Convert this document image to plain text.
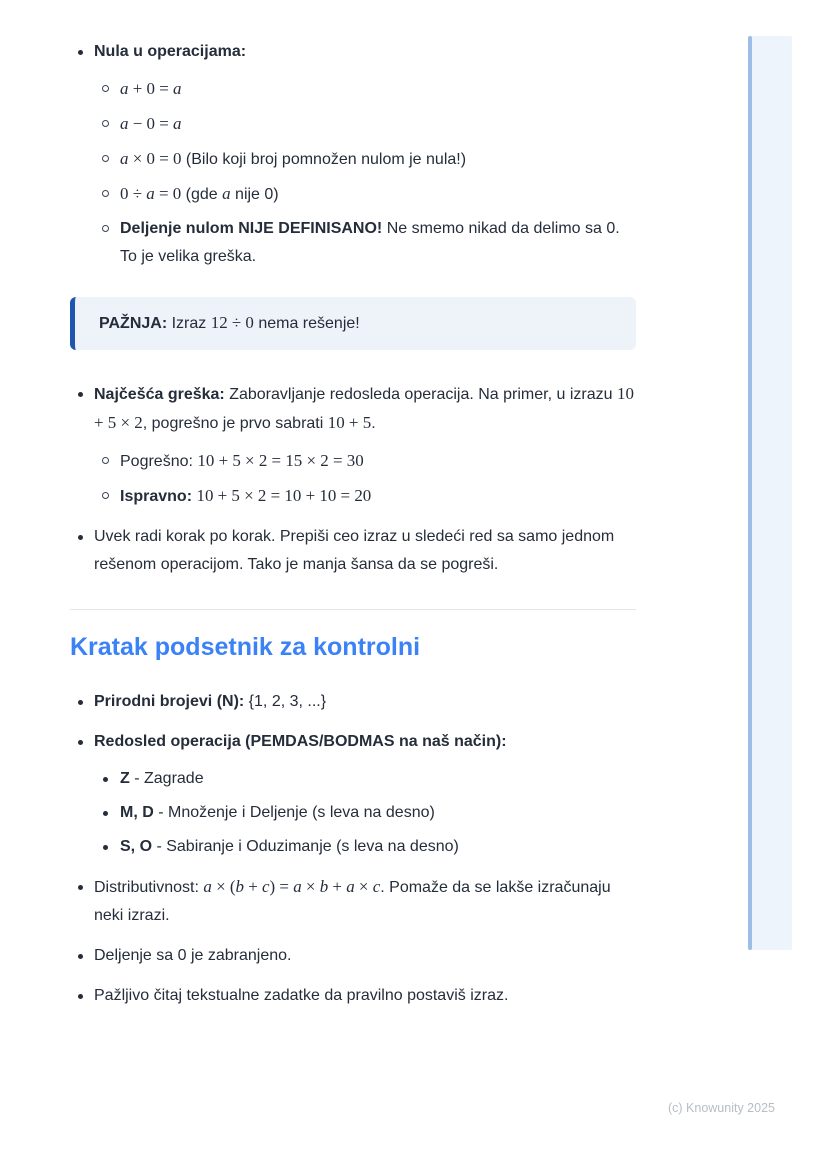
Nula u operacijama:
a + 0 = a
a − 0 = a
a × 0 = 0 (Bilo koji broj pomnožen nulom je nula!)
0 ÷ a = 0 (gde a nije 0)
Deljenje nulom NIJE DEFINISANO! Ne smemo nikad da delimo sa 0. To je velika greška.
PAŽNJA: Izraz 12 ÷ 0 nema rešenje!
Najčešća greška: Zaboravljanje redosleda operacija. Na primer, u izrazu 10 + 5 × 2, pogrešno je prvo sabrati 10 + 5.
Pogrešno: 10 + 5 × 2 = 15 × 2 = 30
Ispravno: 10 + 5 × 2 = 10 + 10 = 20
Uvek radi korak po korak. Prepiši ceo izraz u sledeći red sa samo jednom rešenom operacijom. Tako je manja šansa da se pogreši.
Kratak podsetnik za kontrolni
Prirodni brojevi (N): {1, 2, 3, ...}
Redosled operacija (PEMDAS/BODMAS na naš način):
Z - Zagrade
M, D - Množenje i Deljenje (s leva na desno)
S, O - Sabiranje i Oduzimanje (s leva na desno)
Distributivnost: a × (b + c) = a × b + a × c. Pomaže da se lakše izračunaju neki izrazi.
Deljenje sa 0 je zabranjeno.
Pažljivo čitaj tekstualne zadatke da pravilno postaviš izraz.
(c) Knowunity 2025
